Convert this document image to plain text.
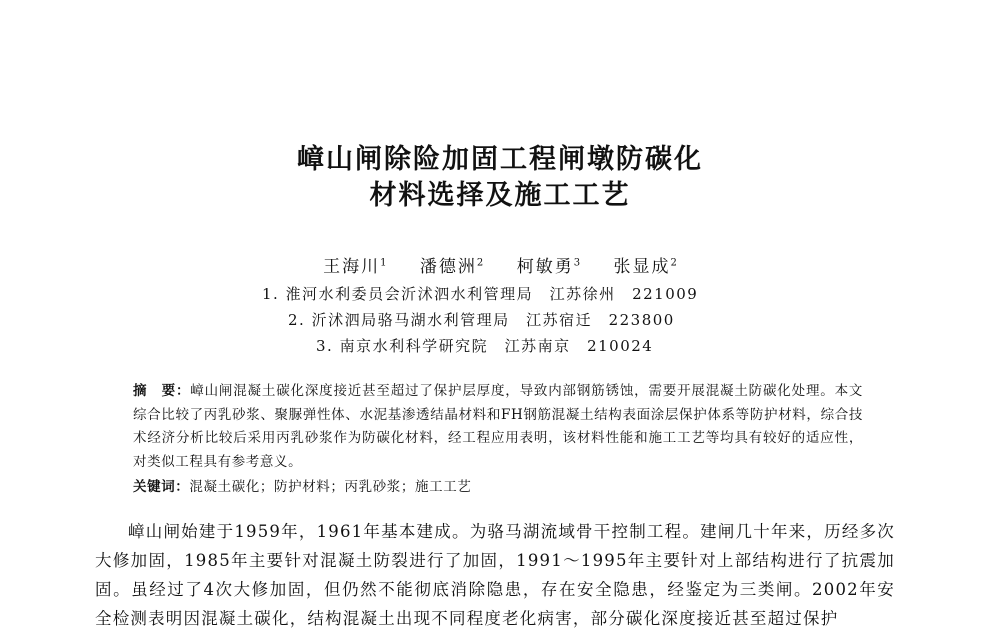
嶂山闸除险加固工程闸墩防碳化
材料选择及施工工艺
王海川$^1$ 潘德洲$^2$ 柯敏勇$^3$ 张显成$^2$
1. 淮河水利委员会沂沭泗水利管理局　江苏徐州　221009
2. 沂沭泗局骆马湖水利管理局　江苏宿迁　223800
3. 南京水利科学研究院　江苏南京　210024
摘　要：嶂山闸混凝土碳化深度接近甚至超过了保护层厚度，导致内部钢筋锈蚀，需要开展混凝土防碳化处理。本文综合比较了丙乳砂浆、聚脲弹性体、水泥基渗透结晶材料和FH钢筋混凝土结构表面涂层保护体系等防护材料，综合技术经济分析比较后采用丙乳砂浆作为防碳化材料，经工程应用表明，该材料性能和施工工艺等均具有较好的适应性，对类似工程具有参考意义。
关键词：混凝土碳化；防护材料；丙乳砂浆；施工工艺
嶂山闸始建于1959年，1961年基本建成。为骆马湖流域骨干控制工程。建闸几十年来，历经多次大修加固，1985年主要针对混凝土防裂进行了加固，1991～1995年主要针对上部结构进行了抗震加固。虽经过了4次大修加固，但仍然不能彻底消除隐患，存在安全隐患，经鉴定为三类闸。2002年安全检测表明因混凝土碳化，结构混凝土出现不同程度老化病害，部分碳化深度接近甚至超过保护
